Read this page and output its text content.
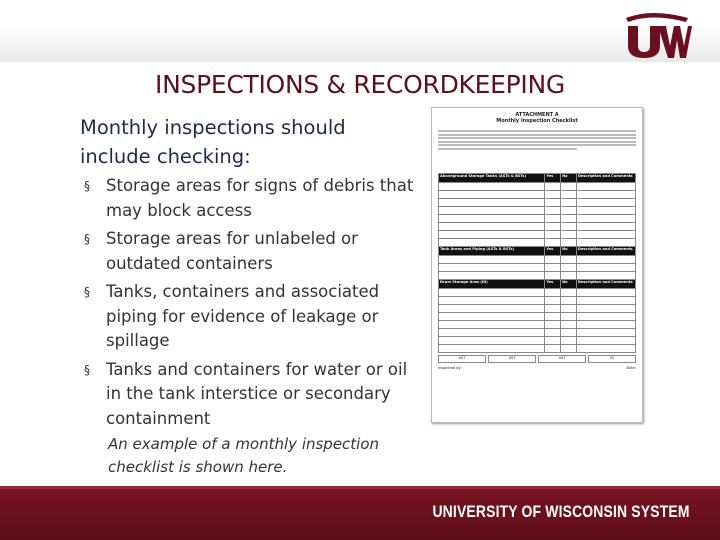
INSPECTIONS & RECORDKEEPING

Monthly inspections should include checking:

§ Storage areas for signs of debris that may block access
§ Storage areas for unlabeled or outdated containers
§ Tanks, containers and associated piping for evidence of leakage or spillage
§ Tanks and containers for water or oil in the tank interstice or secondary containment

An example of a monthly inspection checklist is shown here.

ATTACHMENT A
Monthly Inspection Checklist
Aboveground Storage Tanks (ASTs & BSTs)	Yes	No	Description and Comments

Tank Areas and Piping (ASTs & BSTs)	Yes	No	Description and Comments

Drum Storage Area (ID)	Yes	No	Description and Comments

AST	AST	AST	ID
Inspected by:	Date:
UNIVERSITY OF WISCONSIN SYSTEM
